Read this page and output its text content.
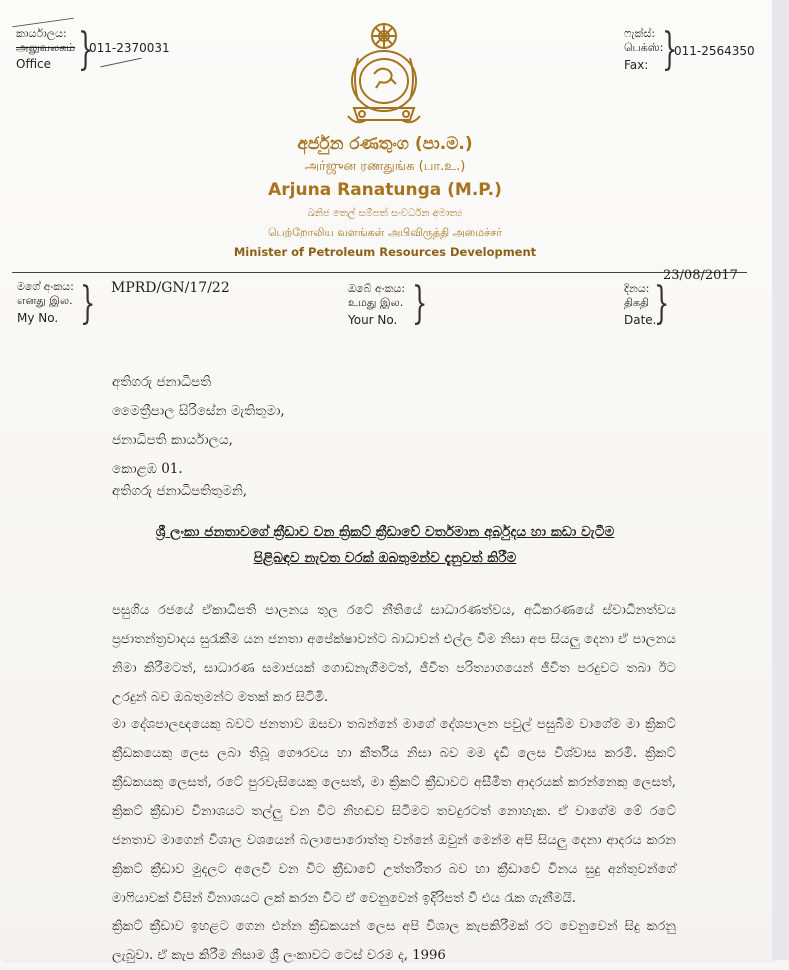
කාර්යාලය:
அலுவலகம்
Office }
011-2370031
ෆැක්ස්:
பெக்ஸ்:
Fax: }
011-2564350
අර්ජුන රණතුංග (පා.ම.)
அர்ஜுன ரணதுங்க (பா.உ.)
Arjuna Ranatunga (M.P.)
ඛනිජ තෙල් සම්පත් සංවර්ධන අමාත්‍ය
பெற்றோலிய வளங்கள் அபிவிருத்தி அமைச்சர்
Minister of Petroleum Resources Development
මගේ අංකය:
எனது இல.
My No. } MPRD/GN/17/22	ඔබේ අංකය:
உமது இல.
Your No. }
23/08/2017
දිනය:
திகதி
Date.
}
අතිගරු ජනාධිපති
මෛත්‍රීපාල සිරිසේන මැතිතුමා,
ජනාධිපති කාර්යාලය,
කොළඹ 01.
අතිගරු ජනාධිපතිතුමනි,
ශ්‍රී ලංකා ජනතාවගේ ක්‍රීඩාව වන ක්‍රිකට් ක්‍රීඩාවේ වර්තමාන අර්බුදය හා කඩා වැටීම
පිළිබඳව නැවත වරක් ඔබතුමන්ව දැනුවත් කිරීම
පසුගිය රජයේ ඒකාධිපති පාලනය තුල රටේ නීතියේ සාධාරණත්වය, අධිකරණයේ ස්වාධීනත්වය ප්‍රජාතන්ත්‍රවාදය සුරැකීම යන ජනතා අපේක්ෂාවන්ට බාධාවන් එල්ල වීම නිසා අප සියලු දෙනා ඒ පාලනය නිමා කිරීමටත්, සාධාරණ සමාජයක් ගොඩනැගීමටත්, ජීවිත පරිත්‍යාගයෙන් ජීවිත පරදුවට තබා ඊට උරදුන් බව ඔබතුමන්ට මතක් කර සිටිමි.
මා දේශපාලඥයෙකු බවට ජනතාව ඔසවා තබන්නේ මාගේ දේශපාලන පවුල් පසුබිම වාගේම මා ක්‍රිකට් ක්‍රීඩකයෙකු ලෙස ලබා තිබූ ගෞරවය හා කීර්තිය නිසා බව මම දැඩි ලෙස විශ්වාස කරමි. ක්‍රිකට් ක්‍රීඩකයකු ලෙසත්, රටේ පුරවැසියෙකු ලෙසත්, මා ක්‍රිකට් ක්‍රීඩාවට අසීමිත ආදරයක් කරන්නෙකු ලෙසත්, ක්‍රිකට් ක්‍රීඩාව විනාශයට තල්ලු වන විට නිහඬව සිටීමට තවදුරටත් නොහැක. ඒ වාගේම මේ රටේ ජනතාව මාගෙන් විශාල වශයෙන් බලාපොරොත්තු වන්නේ ඔවුන් මෙන්ම අපි සියලු දෙනා ආදරය කරන ක්‍රිකට් ක්‍රීඩාව මුදලට අලෙවි වන විට ක්‍රීඩාවේ උත්තරීතර බව හා ක්‍රීඩාවේ විනය සුදු අන්තුවන්ගේ මාෆියාවක් විසින් විනාශයට ලක් කරන විට ඒ වෙනුවෙන් ඉදිරිපත් වී එය රැක ගැනීමයි.
ක්‍රිකට් ක්‍රීඩාව ඉහළට ගෙන එන්න ක්‍රීඩකයන් ලෙස අපි විශාල කැපකිරීමක් රට වෙනුවෙන් සිදු කරනු ලැබුවා. ඒ කැප කිරීම නිසාම ශ්‍රී ලංකාවට ටෙස් වරම ද, 1996
